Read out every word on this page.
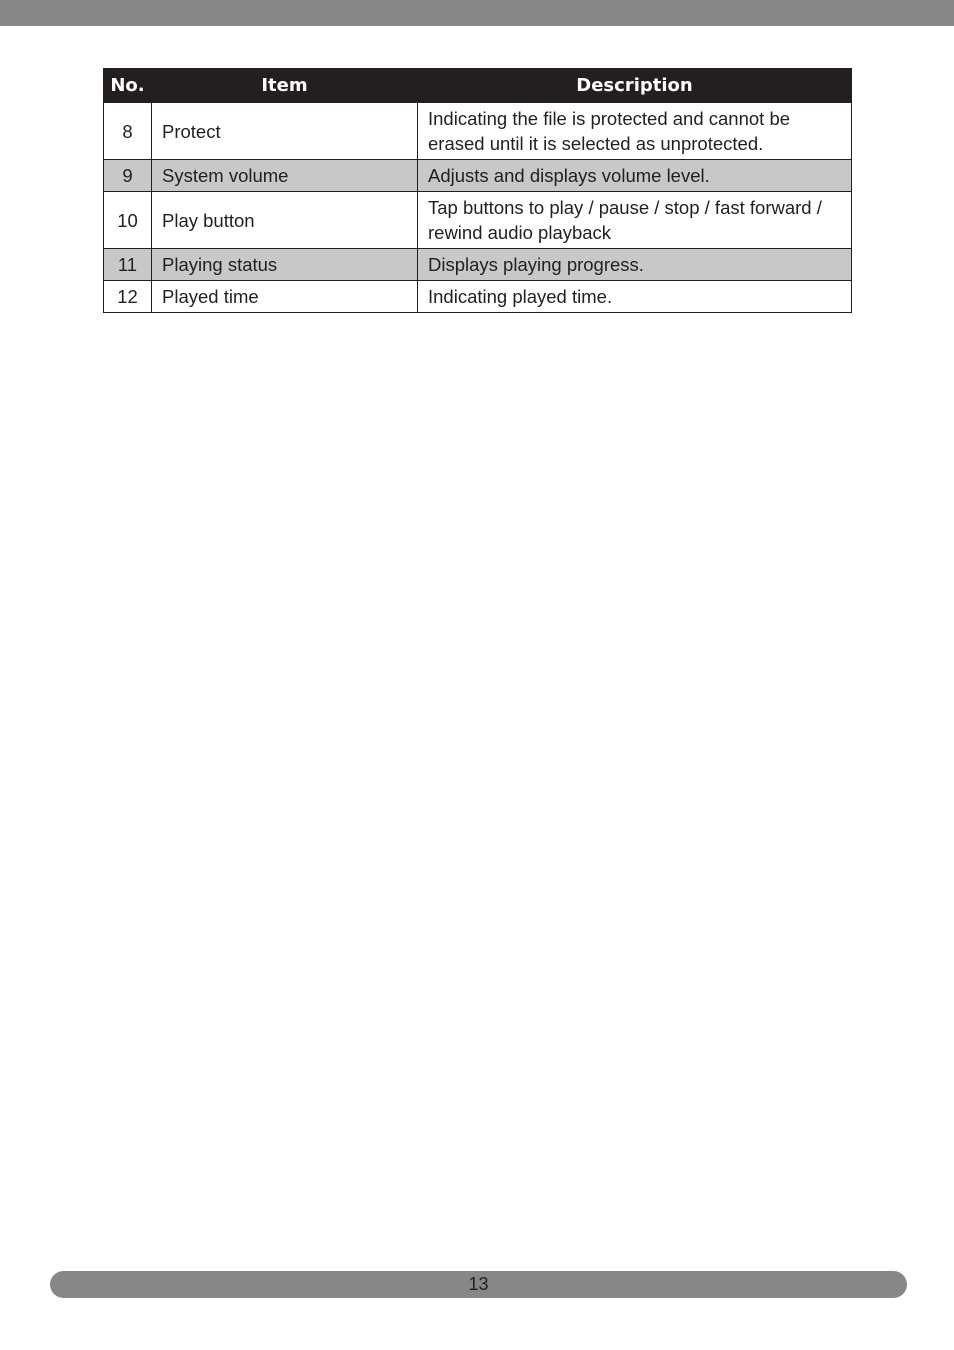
No.	Item	Description
8	Protect	Indicating the file is protected and cannot be erased until it is selected as unprotected.
9	System volume	Adjusts and displays volume level.
10	Play button	Tap buttons to play / pause / stop / fast forward / rewind audio playback
11	Playing status	Displays playing progress.
12	Played time	Indicating played time.
13
